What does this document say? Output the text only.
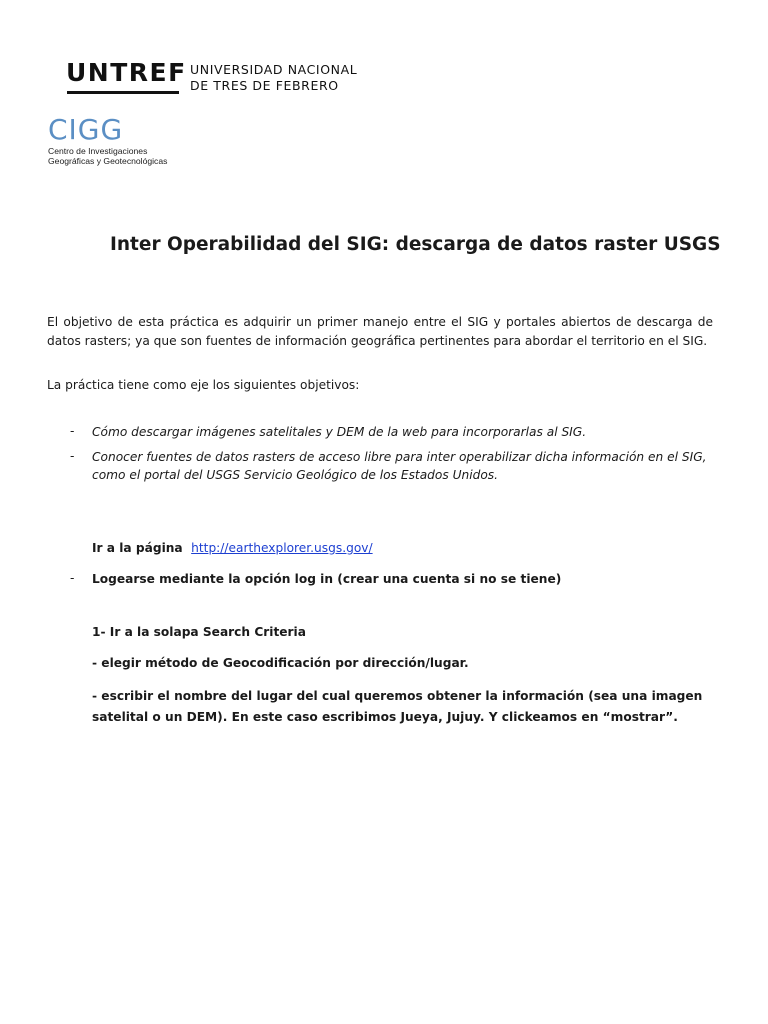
UNTREF UNIVERSIDAD NACIONAL
DE TRES DE FEBRERO
CIGG
Centro de Investigaciones
Geográficas y Geotecnológicas
Inter Operabilidad del SIG: descarga de datos raster USGS
El objetivo de esta práctica es adquirir un primer manejo entre el SIG y portales abiertos de descarga de datos rasters; ya que son fuentes de información geográfica pertinentes para abordar el territorio en el SIG.
La práctica tiene como eje los siguientes objetivos:
- Cómo descargar imágenes satelitales y DEM de la web para incorporarlas al SIG.
- Conocer fuentes de datos rasters de acceso libre para inter operabilizar dicha información en el SIG, como el portal del USGS Servicio Geológico de los Estados Unidos.
Ir a la página http://earthexplorer.usgs.gov/
- Logearse mediante la opción log in (crear una cuenta si no se tiene)
1- Ir a la solapa Search Criteria
- elegir método de Geocodificación por dirección/lugar.
- escribir el nombre del lugar del cual queremos obtener la información (sea una imagen satelital o un DEM). En este caso escribimos Jueya, Jujuy. Y clickeamos en “mostrar”.
